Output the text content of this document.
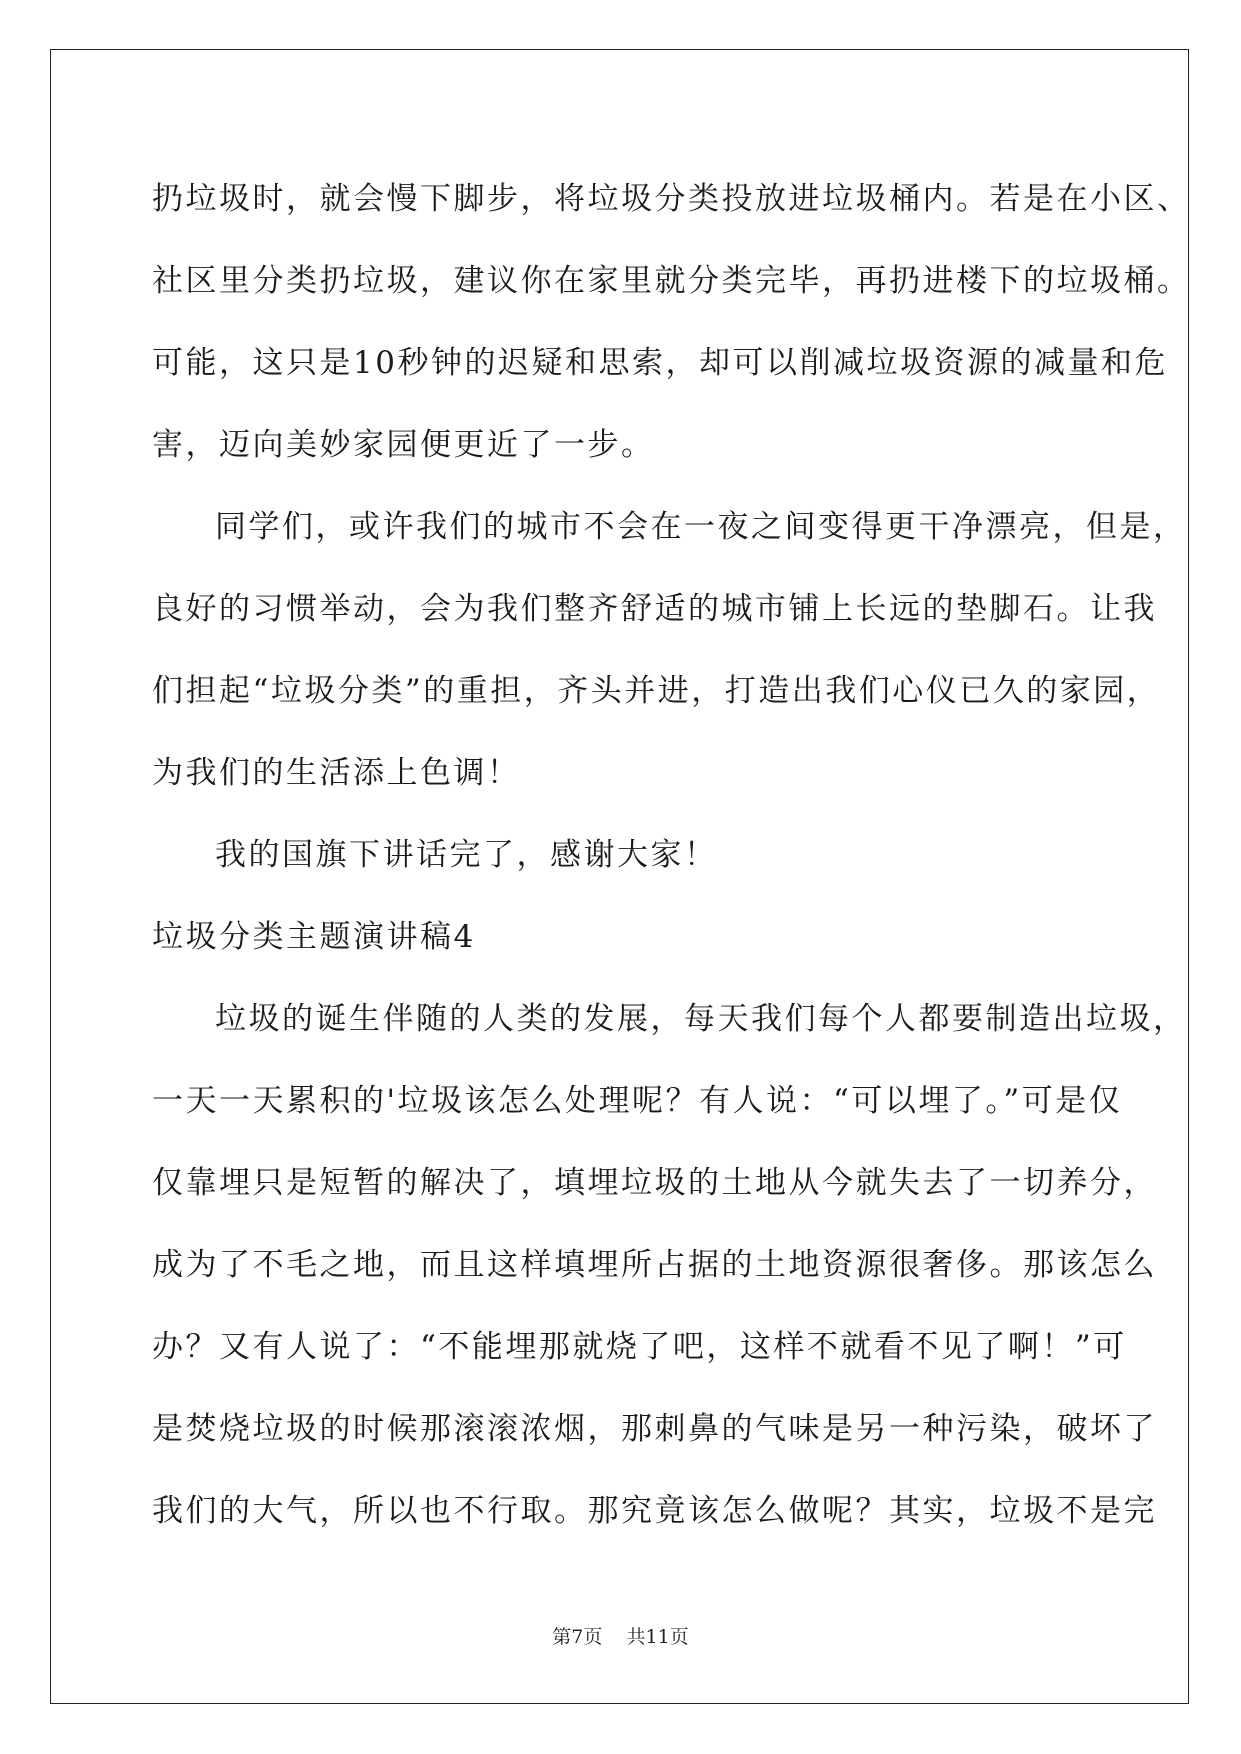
扔垃圾时，就会慢下脚步，将垃圾分类投放进垃圾桶内。若是在小区、
社区里分类扔垃圾，建议你在家里就分类完毕，再扔进楼下的垃圾桶。
可能，这只是10秒钟的迟疑和思索，却可以削减垃圾资源的减量和危
害，迈向美妙家园便更近了一步。
同学们，或许我们的城市不会在一夜之间变得更干净漂亮，但是，
良好的习惯举动，会为我们整齐舒适的城市铺上长远的垫脚石。让我
们担起“垃圾分类”的重担，齐头并进，打造出我们心仪已久的家园，
为我们的生活添上色调！
我的国旗下讲话完了，感谢大家！
垃圾分类主题演讲稿4
垃圾的诞生伴随的人类的发展，每天我们每个人都要制造出垃圾，
一天一天累积的'垃圾该怎么处理呢？有人说：“可以埋了。”可是仅
仅靠埋只是短暂的解决了，填埋垃圾的土地从今就失去了一切养分，
成为了不毛之地，而且这样填埋所占据的土地资源很奢侈。那该怎么
办？又有人说了：“不能埋那就烧了吧，这样不就看不见了啊！”可
是焚烧垃圾的时候那滚滚浓烟，那刺鼻的气味是另一种污染，破坏了
我们的大气，所以也不行取。那究竟该怎么做呢？其实，垃圾不是完
第7页    共11页
